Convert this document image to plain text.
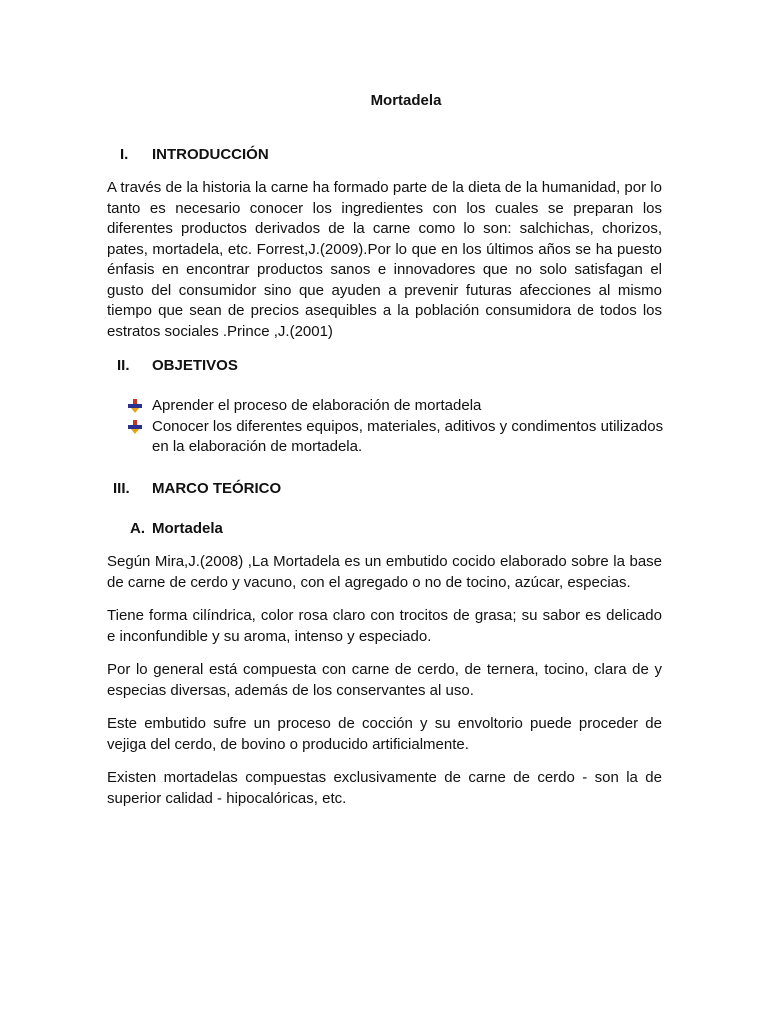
Mortadela
I. INTRODUCCIÓN

A través de la historia la carne ha formado parte de la dieta de la humanidad, por lo tanto es necesario conocer los ingredientes con los cuales se preparan los diferentes productos derivados de la carne como lo son: salchichas, chorizos, pates, mortadela, etc. Forrest,J.(2009).Por lo que en los últimos años se ha puesto énfasis en encontrar productos sanos e innovadores que no solo satisfagan el gusto del consumidor sino que ayuden a prevenir futuras afecciones al mismo tiempo que sean de precios asequibles a la población consumidora de todos los estratos sociales .Prince ,J.(2001)

II. OBJETIVOS
Aprender el proceso de elaboración de mortadela
Conocer los diferentes equipos, materiales, aditivos y condimentos utilizados en la elaboración de mortadela.
III. MARCO TEÓRICO
A. Mortadela

Según Mira,J.(2008) ,La Mortadela es un embutido cocido elaborado sobre la base de carne de cerdo y vacuno, con el agregado o no de tocino, azúcar, especias.

Tiene forma cilíndrica, color rosa claro con trocitos de grasa; su sabor es delicado e inconfundible y su aroma, intenso y especiado.

Por lo general está compuesta con carne de cerdo, de ternera, tocino, clara de y especias diversas, además de los conservantes al uso.

Este embutido sufre un proceso de cocción y su envoltorio puede proceder de vejiga del cerdo, de bovino o producido artificialmente.

Existen mortadelas compuestas exclusivamente de carne de cerdo - son la de superior calidad - hipocalóricas, etc.
